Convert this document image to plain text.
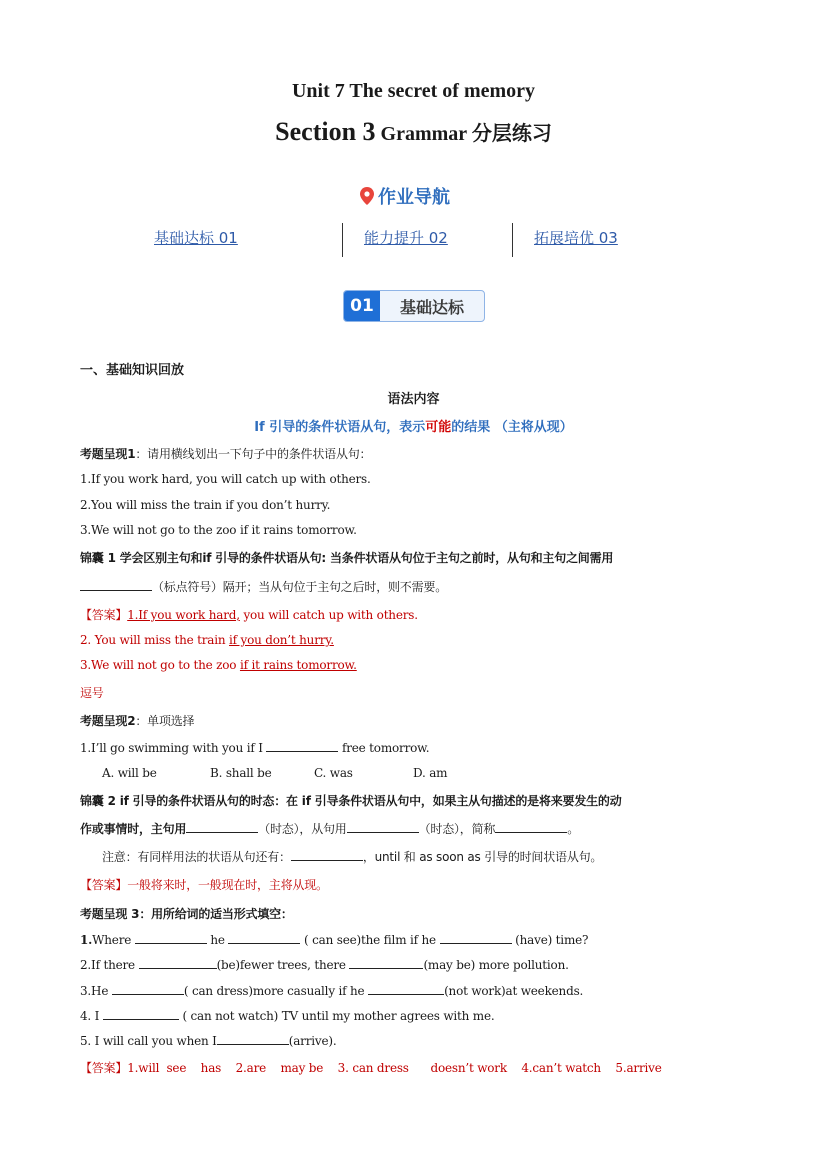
Unit 7 The secret of memory
Section 3 Grammar 分层练习
作业导航
基础达标 01	能力提升 02	拓展培优 03
01	基础达标
一、基础知识回放
语法内容
If 引导的条件状语从句，表示可能的结果 （主将从现）
考题呈现1：请用横线划出一下句子中的条件状语从句：
1.If you work hard, you will catch up with others.
2.You will miss the train if you don’t hurry.
3.We will not go to the zoo if it rains tomorrow.
锦囊 1 学会区别主句和if 引导的条件状语从句: 当条件状语从句位于主句之前时，从句和主句之间需用
（标点符号）隔开；当从句位于主句之后时，则不需要。
【答案】1.If you work hard, you will catch up with others.
2. You will miss the train if you don’t hurry.
3.We will not go to the zoo if it rains tomorrow.
逗号
考题呈现2：单项选择
1.I’ll go swimming with you if I	free tomorrow.
A. will be	B. shall be	C. was	D. am
锦囊 2 if 引导的条件状语从句的时态：在 if 引导条件状语从句中，如果主从句描述的是将来要发生的动
作或事情时，主句用	（时态），从句用	（时态），简称	。
注意：有同样用法的状语从句还有：	，until 和 as soon as 引导的时间状语从句。
【答案】一般将来时，一般现在时，主将从现。
考题呈现 3：用所给词的适当形式填空：
1.Where	he	( can see)the film if he	(have) time?
2.If there	(be)fewer trees, there	(may be) more pollution.
3.He	( can dress)more casually if he	(not work)at weekends.
4. I	( can not watch) TV until my mother agrees with me.
5. I will call you when I	(arrive).
【答案】1.will  see    has    2.are    may be    3. can dress      doesn’t work    4.can’t watch    5.arrive
